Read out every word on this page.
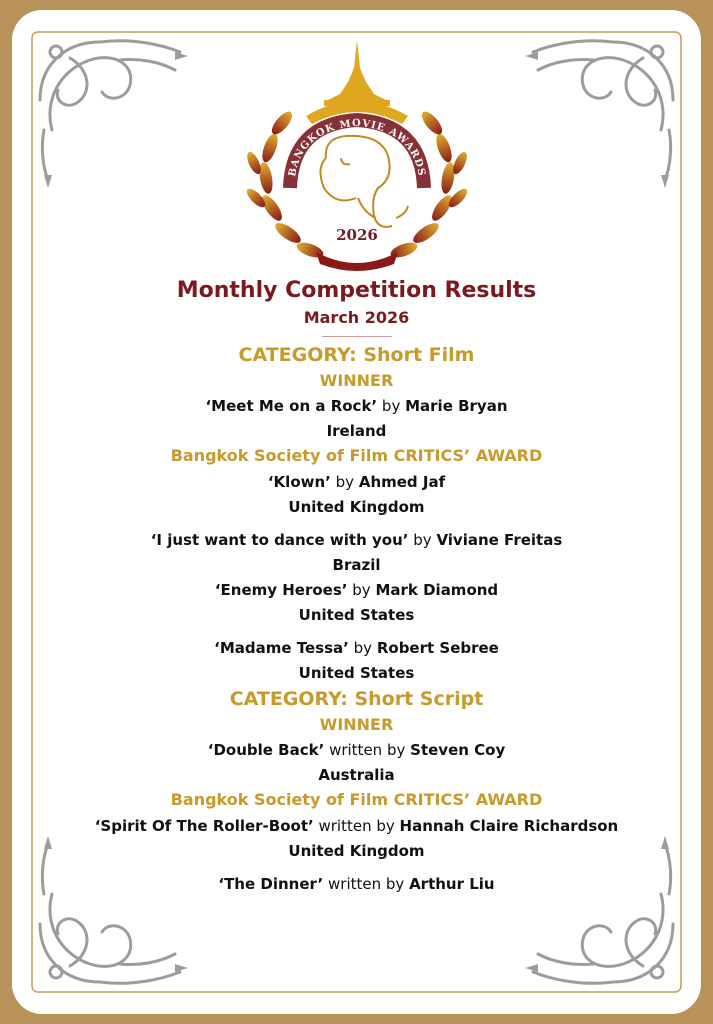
2026
BANGKOK MOVIE AWARDS
Monthly Competition Results
March 2026
CATEGORY: Short Film
WINNER
‘Meet Me on a Rock’ by Marie Bryan
Ireland
Bangkok Society of Film CRITICS’ AWARD
‘Klown’ by Ahmed Jaf
United Kingdom
‘I just want to dance with you’ by Viviane Freitas
Brazil
‘Enemy Heroes’ by Mark Diamond
United States
‘Madame Tessa’ by Robert Sebree
United States
CATEGORY: Short Script
WINNER
‘Double Back’ written by Steven Coy
Australia
Bangkok Society of Film CRITICS’ AWARD
‘Spirit Of The Roller-Boot’ written by Hannah Claire Richardson
United Kingdom
‘The Dinner’ written by Arthur Liu
